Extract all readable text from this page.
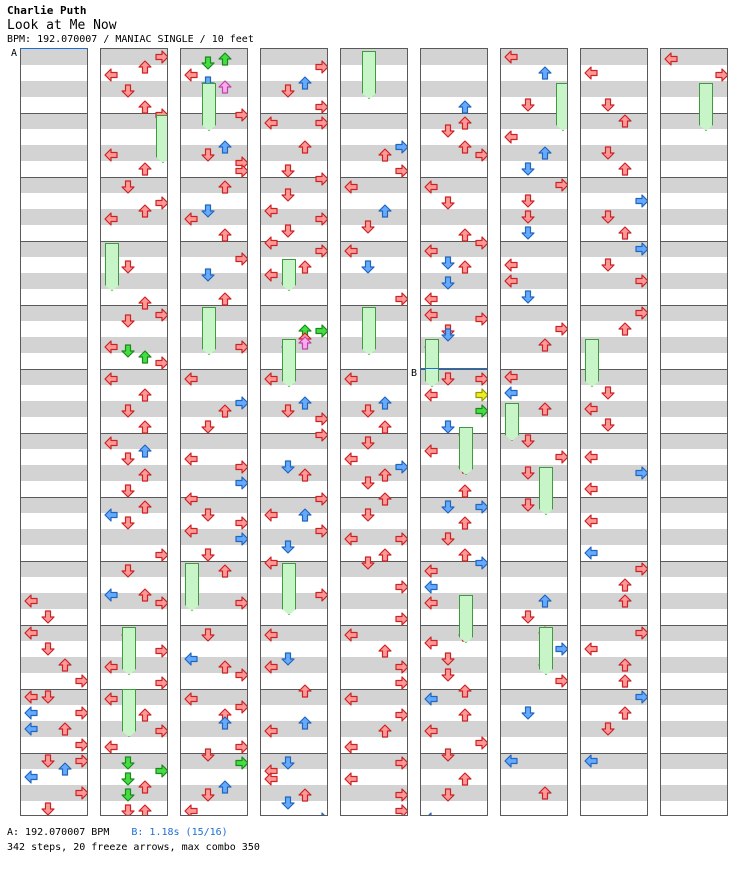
Charlie Puth
Look at Me Now
BPM: 192.070007 / MANIAC SINGLE / 10 feet
A: 192.070007 BPM B: 1.18s (15/16)
342 steps, 20 freeze arrows, max combo 350
A
B
